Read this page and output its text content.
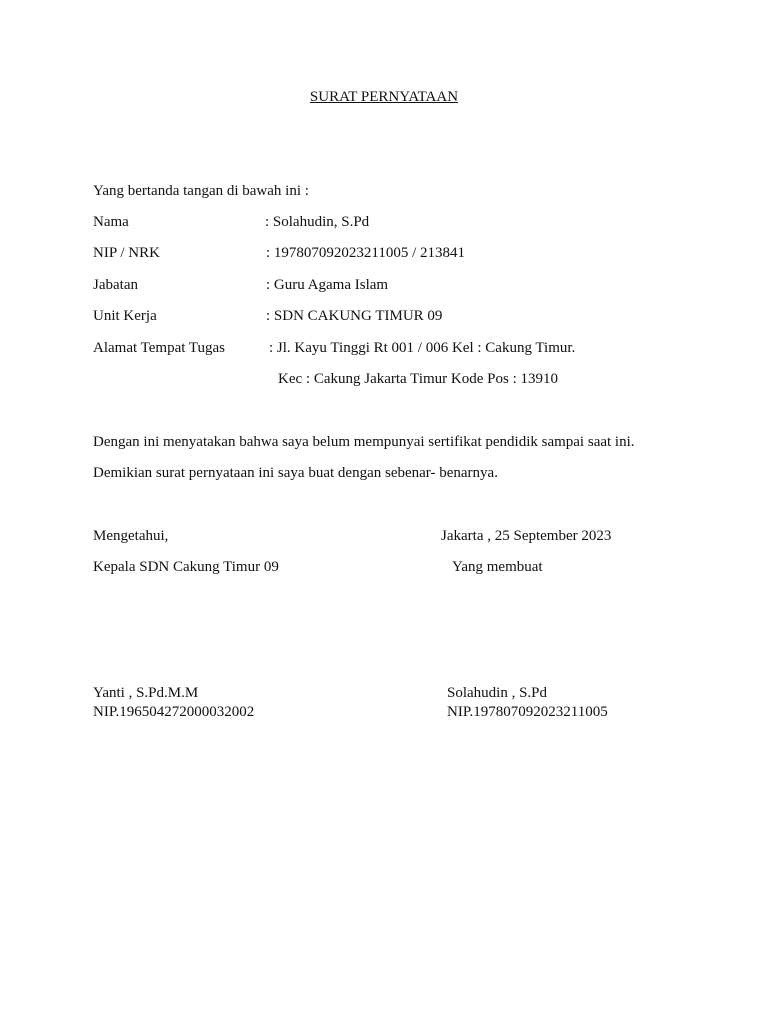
SURAT PERNYATAAN
Yang bertanda tangan di bawah ini :
Nama	: Solahudin, S.Pd
NIP / NRK	: 197807092023211005 / 213841
Jabatan	: Guru Agama Islam
Unit Kerja	: SDN CAKUNG TIMUR 09
Alamat Tempat Tugas	: Jl. Kayu Tinggi Rt 001 / 006 Kel : Cakung Timur.
Kec : Cakung Jakarta Timur Kode Pos : 13910
Dengan ini menyatakan bahwa saya belum mempunyai sertifikat pendidik sampai saat ini.
Demikian surat pernyataan ini saya buat dengan sebenar- benarnya.
Mengetahui,	Jakarta , 25 September 2023
Kepala SDN Cakung Timur 09	Yang membuat
Yanti , S.Pd.M.M	Solahudin , S.Pd
NIP.196504272000032002	NIP.197807092023211005
